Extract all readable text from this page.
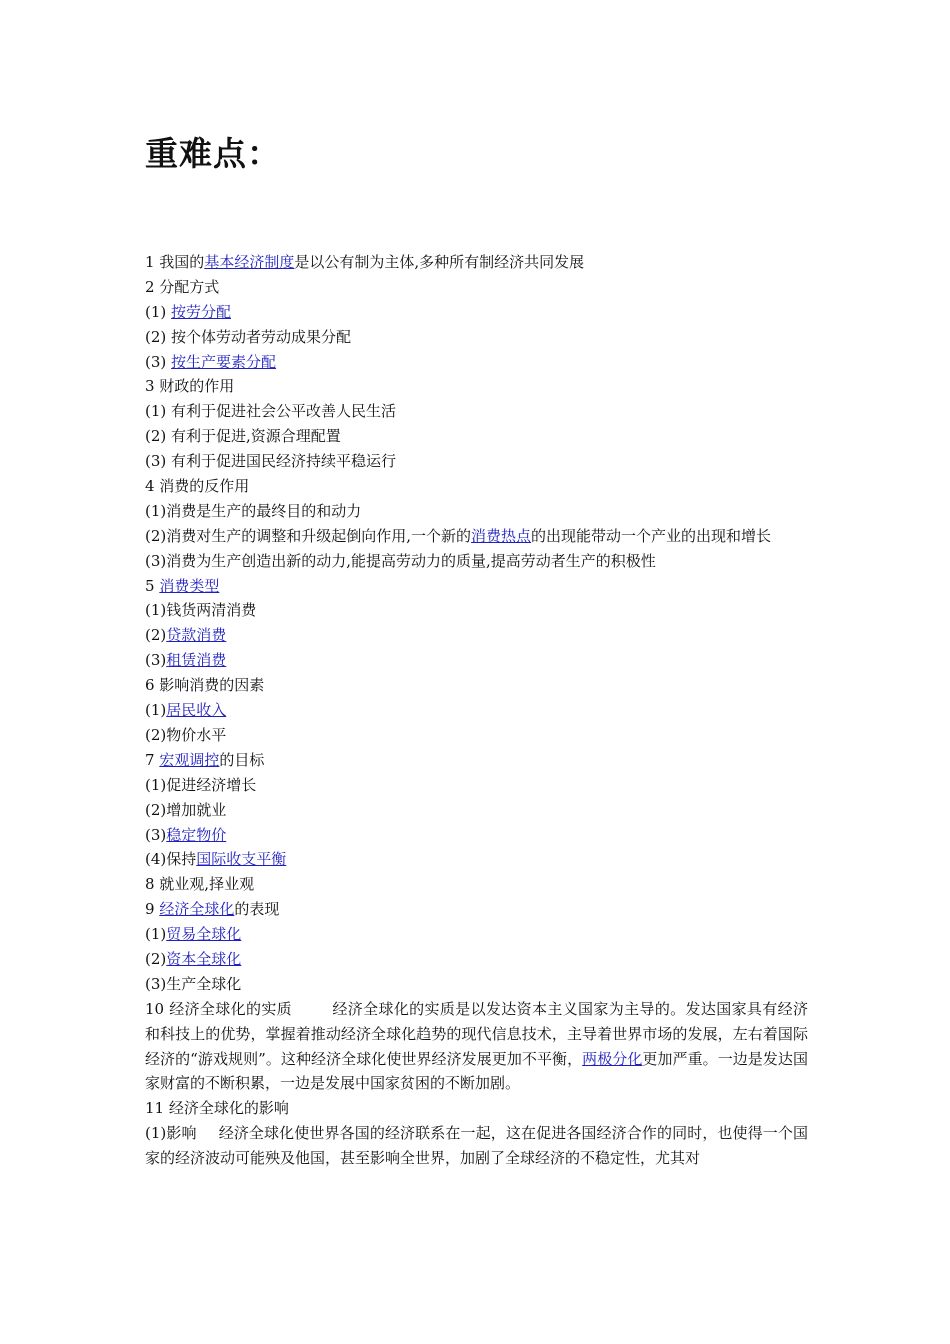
重难点：
1 我国的基本经济制度是以公有制为主体,多种所有制经济共同发展
2 分配方式
(1) 按劳分配
(2) 按个体劳动者劳动成果分配
(3) 按生产要素分配
3 财政的作用
(1) 有利于促进社会公平改善人民生活
(2) 有利于促进,资源合理配置
(3) 有利于促进国民经济持续平稳运行
4 消费的反作用
(1)消费是生产的最终目的和动力
(2)消费对生产的调整和升级起倒向作用,一个新的消费热点的出现能带动一个产业的出现和增长
(3)消费为生产创造出新的动力,能提高劳动力的质量,提高劳动者生产的积极性
5 消费类型
(1)钱货两清消费
(2)贷款消费
(3)租赁消费
6 影响消费的因素
(1)居民收入
(2)物价水平
7 宏观调控的目标
(1)促进经济增长
(2)增加就业
(3)稳定物价
(4)保持国际收支平衡
8 就业观,择业观
9 经济全球化的表现
(1)贸易全球化
(2)资本全球化
(3)生产全球化
10 经济全球化的实质	经济全球化的实质是以发达资本主义国家为主导的。发达国家具有经济和科技上的优势，掌握着推动经济全球化趋势的现代信息技术，主导着世界市场的发展，左右着国际经济的“游戏规则”。这种经济全球化使世界经济发展更加不平衡，两极分化更加严重。一边是发达国家财富的不断积累，一边是发展中国家贫困的不断加剧。
11 经济全球化的影响
(1)影响 经济全球化使世界各国的经济联系在一起，这在促进各国经济合作的同时，也使得一个国家的经济波动可能殃及他国，甚至影响全世界，加剧了全球经济的不稳定性，尤其对
